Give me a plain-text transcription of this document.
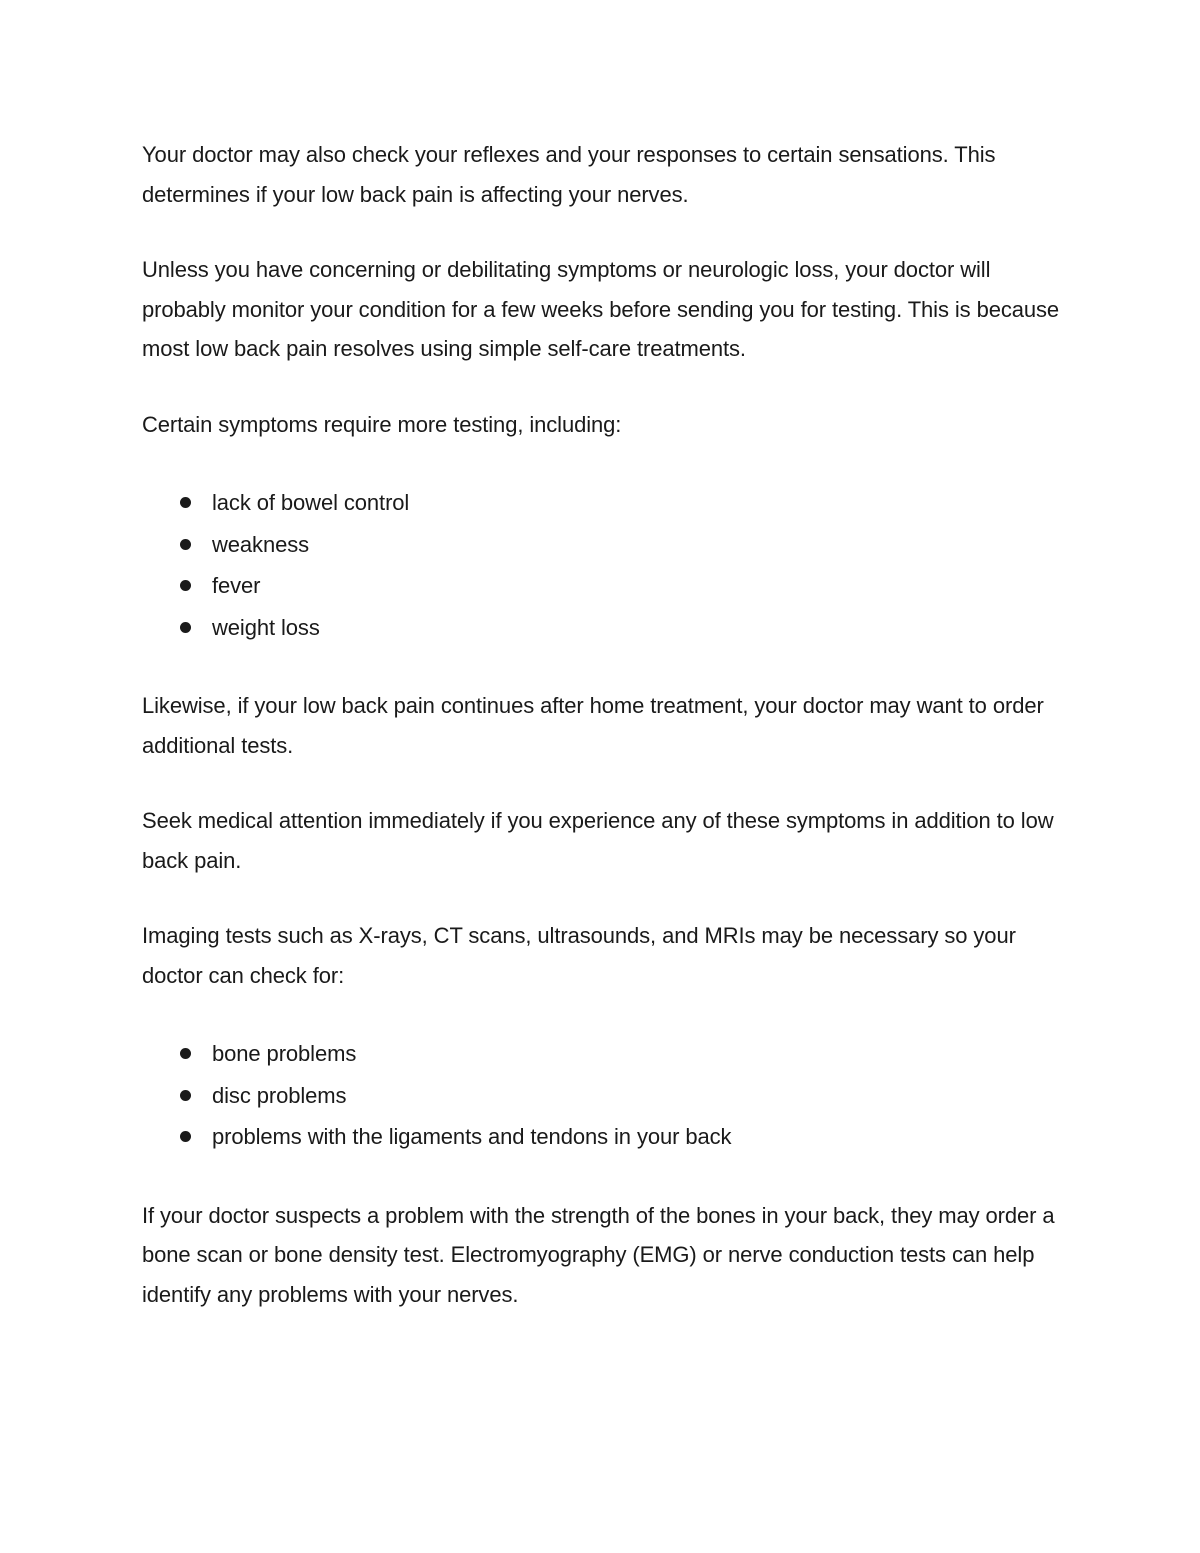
Your doctor may also check your reflexes and your responses to certain sensations. This determines if your low back pain is affecting your nerves.

Unless you have concerning or debilitating symptoms or neurologic loss, your doctor will probably monitor your condition for a few weeks before sending you for testing. This is because most low back pain resolves using simple self-care treatments.

Certain symptoms require more testing, including:

lack of bowel control
weakness
fever
weight loss

Likewise, if your low back pain continues after home treatment, your doctor may want to order additional tests.

Seek medical attention immediately if you experience any of these symptoms in addition to low back pain.

Imaging tests such as X-rays, CT scans, ultrasounds, and MRIs may be necessary so your doctor can check for:

bone problems
disc problems
problems with the ligaments and tendons in your back

If your doctor suspects a problem with the strength of the bones in your back, they may order a bone scan or bone density test. Electromyography (EMG) or nerve conduction tests can help identify any problems with your nerves.
